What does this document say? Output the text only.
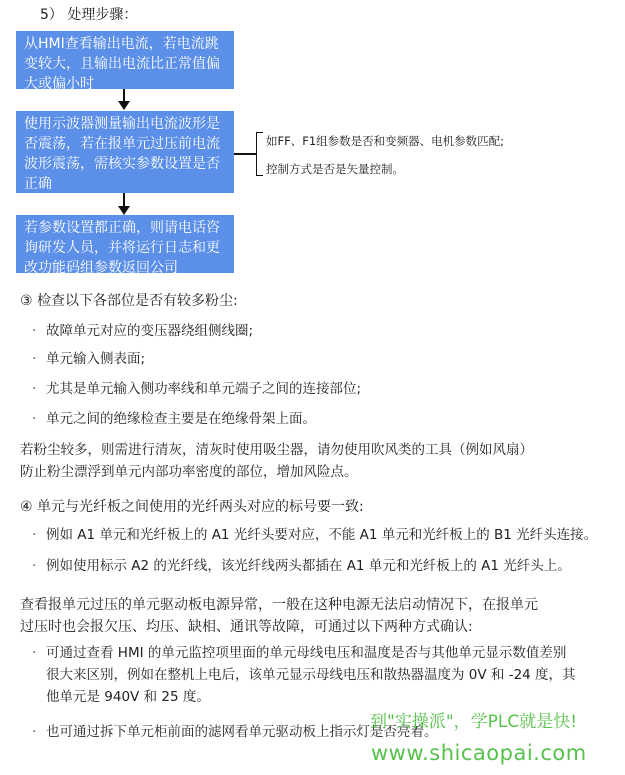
5） 处理步骤：
从HMI查看输出电流，若电流跳变较大，且输出电流比正常值偏大或偏小时
使用示波器测量输出电流波形是否震荡，若在报单元过压前电流波形震荡，需核实参数设置是否正确
若参数设置都正确，则请电话咨询研发人员，并将运行日志和更改功能码组参数返回公司
如FF、F1组参数是否和变频器、电机参数匹配;
控制方式是否是矢量控制。
③ 检查以下各部位是否有较多粉尘:
· 故障单元对应的变压器绕组侧线圈;
· 单元输入侧表面;
· 尤其是单元输入侧功率线和单元端子之间的连接部位;
· 单元之间的绝缘检查主要是在绝缘骨架上面。
若粉尘较多，则需进行清灰，清灰时使用吸尘器，请勿使用吹风类的工具（例如风扇）
防止粉尘漂浮到单元内部功率密度的部位，增加风险点。
④ 单元与光纤板之间使用的光纤两头对应的标号要一致:
· 例如 A1 单元和光纤板上的 A1 光纤头要对应，不能 A1 单元和光纤板上的 B1 光纤头连接。
· 例如使用标示 A2 的光纤线，该光纤线两头都插在 A1 单元和光纤板上的 A1 光纤头上。
查看报单元过压的单元驱动板电源异常，一般在这种电源无法启动情况下，在报单元
过压时也会报欠压、均压、缺相、通讯等故障，可通过以下两种方式确认:
· 可通过查看 HMI 的单元监控项里面的单元母线电压和温度是否与其他单元显示数值差别
很大来区别，例如在整机上电后，该单元显示母线电压和散热器温度为 0V 和 -24 度，其
他单元是 940V 和 25 度。
· 也可通过拆下单元柜前面的滤网看单元驱动板上指示灯是否亮着。
到"实操派"，学PLC就是快!
www.shicaopai.com
